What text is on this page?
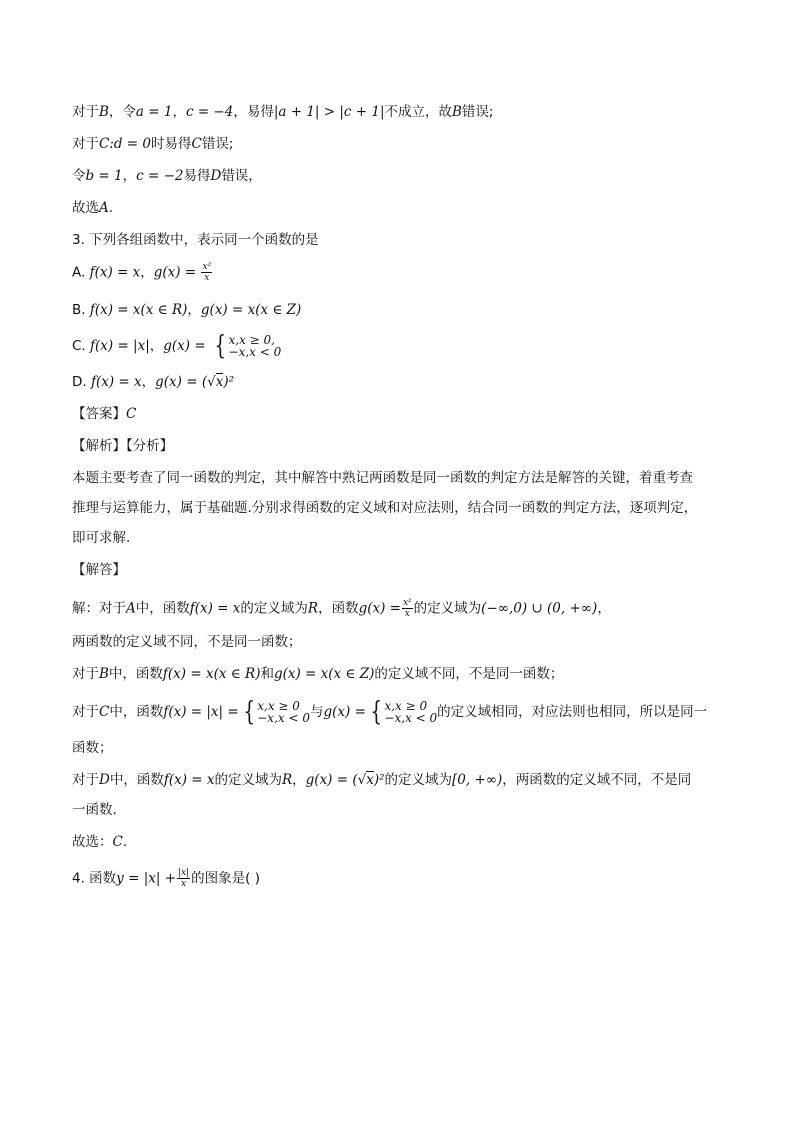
对于B，令a = 1，c = −4，易得|a + 1| > |c + 1|不成立，故B错误;
对于C:d = 0时易得C错误;
令b = 1，c = −2易得D错误，
故选A.
3. 下列各组函数中，表示同一个函数的是
A. f(x) = x，$g(x) = \frac{\text{x²}}{x}$
B. f(x) = x(x ∈ R)，g(x) = x(x ∈ Z)
C. f(x) = |x|，g(x) = { x,x ≥ 0,
−x,x < 0
D. f(x) = x，g(x) = (√x)²
【答案】C
【解析】【分析】
本题主要考查了同一函数的判定，其中解答中熟记两函数是同一函数的判定方法是解答的关键，着重考查
推理与运算能力，属于基础题.分别求得函数的定义域和对应法则，结合同一函数的判定方法，逐项判定，
即可求解.
【解答】
解：对于A中，函数f(x) = x的定义域为R，函数$g(x) = \frac{\text{x²}}{x}$ 的定义域为(−∞,0) ∪ (0, +∞)，
两函数的定义域不同，不是同一函数；
对于B中，函数f(x) = x(x ∈ R)和g(x) = x(x ∈ Z)的定义域不同，不是同一函数；
对于C中，函数f(x) = |x| = { x,x ≥ 0
−x,x < 0 与g(x) = { x,x ≥ 0
−x,x < 0 的定义域相同，对应法则也相同，所以是同一
函数；
对于D中，函数f(x) = x的定义域为R，g(x) = (√x)²的定义域为[0, +∞)，两函数的定义域不同，不是同
一函数.
故选：C.
4. 函数$y = |x| + \frac{|x|}{x}$ 的图象是( )
